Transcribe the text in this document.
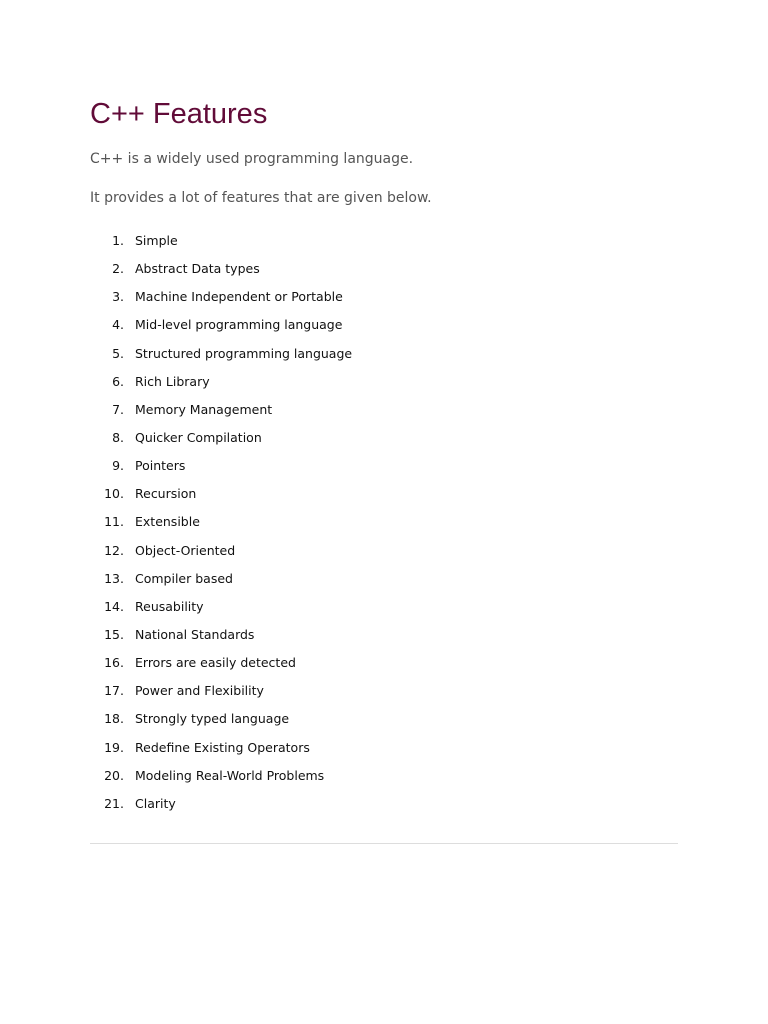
C++ Features

C++ is a widely used programming language.

It provides a lot of features that are given below.

1. Simple
2. Abstract Data types
3. Machine Independent or Portable
4. Mid-level programming language
5. Structured programming language
6. Rich Library
7. Memory Management
8. Quicker Compilation
9. Pointers
10. Recursion
11. Extensible
12. Object-Oriented
13. Compiler based
14. Reusability
15. National Standards
16. Errors are easily detected
17. Power and Flexibility
18. Strongly typed language
19. Redefine Existing Operators
20. Modeling Real-World Problems
21. Clarity
